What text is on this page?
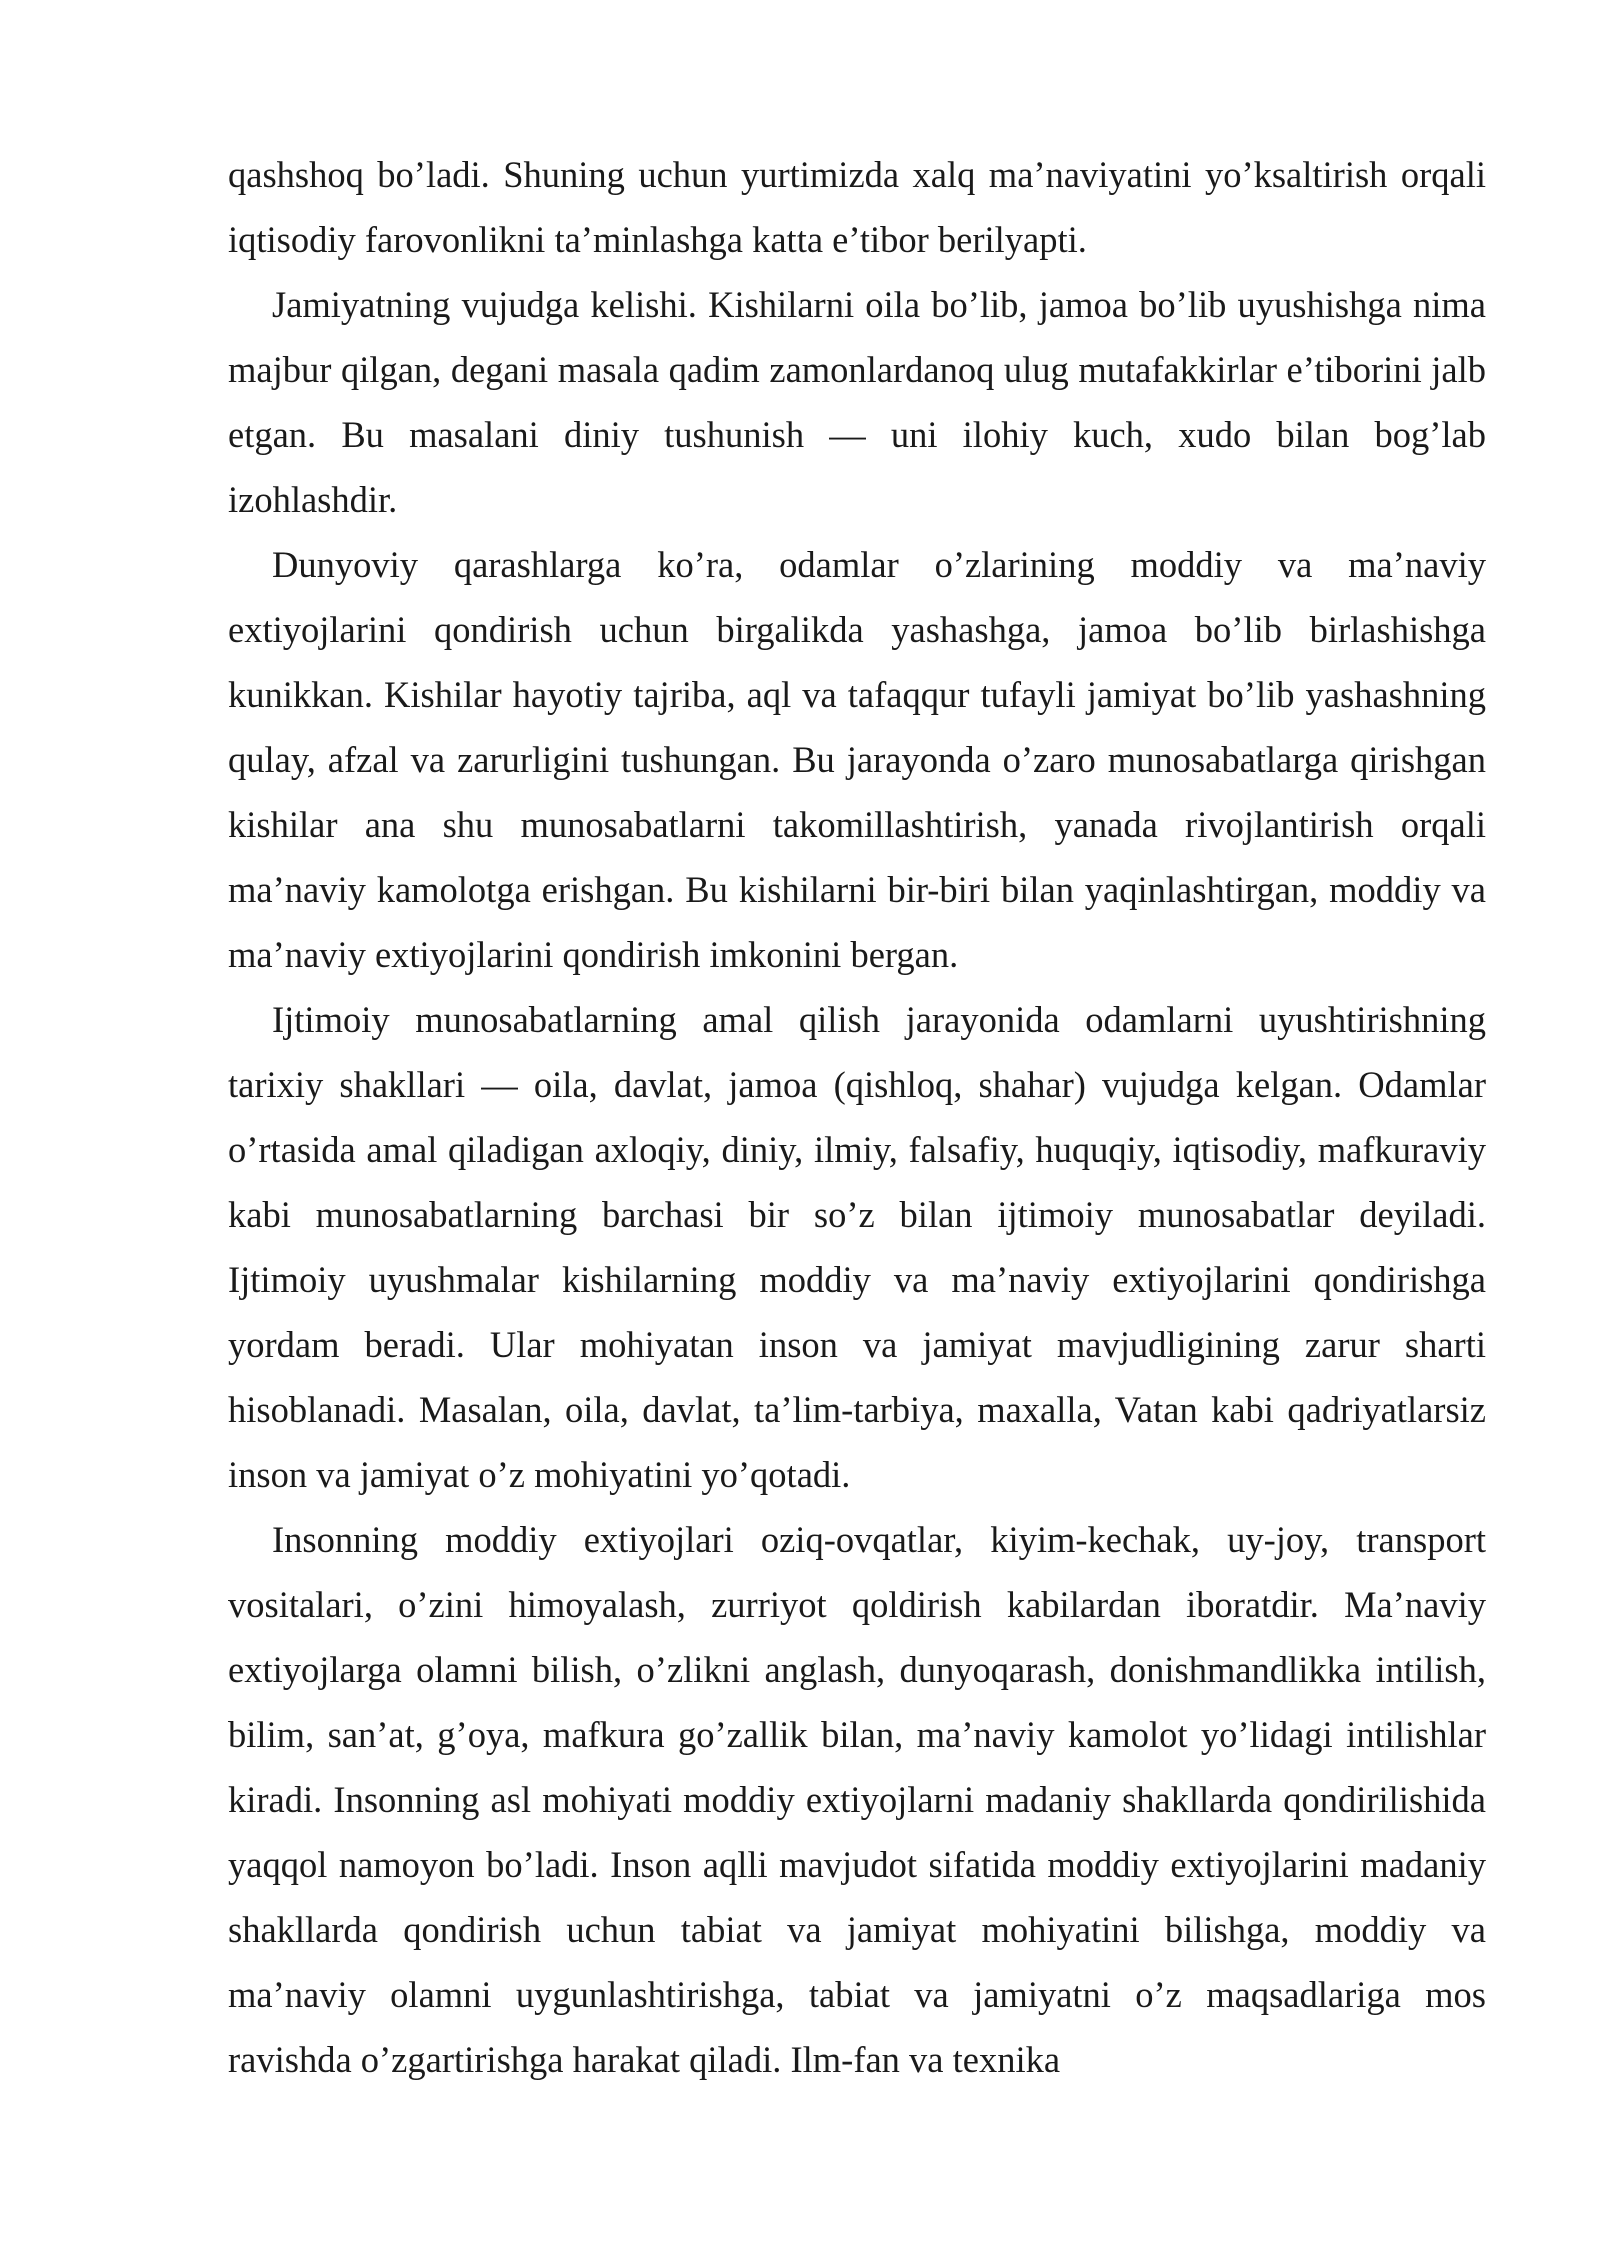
qashshoq bo’ladi. Shuning uchun yurtimizda xalq ma’naviyatini yo’ksaltirish orqali iqtisodiy farovonlikni ta’minlashga katta e’tibor berilyapti.

Jamiyatning vujudga kelishi. Kishilarni oila bo’lib, jamoa bo’lib uyushishga nima majbur qilgan, degani masala qadim zamonlardanoq ulug mutafakkirlar e’tiborini jalb etgan. Bu masalani diniy tushunish — uni ilohiy kuch, xudo bilan bog’lab izohlashdir.

Dunyoviy qarashlarga ko’ra, odamlar o’zlarining moddiy va ma’naviy extiyojlarini qondirish uchun birgalikda yashashga, jamoa bo’lib birlashishga kunikkan. Kishilar hayotiy tajriba, aql va tafaqqur tufayli jamiyat bo’lib yashashning qulay, afzal va zarurligini tushungan. Bu jarayonda o’zaro munosabatlarga qirishgan kishilar ana shu munosabatlarni takomillashtirish, yanada rivojlantirish orqali ma’naviy kamolotga erishgan. Bu kishilarni bir-biri bilan yaqinlashtirgan, moddiy va ma’naviy extiyojlarini qondirish imkonini bergan.

Ijtimoiy munosabatlarning amal qilish jarayonida odamlarni uyushtirishning tarixiy shakllari — oila, davlat, jamoa (qishloq, shahar) vujudga kelgan. Odamlar o’rtasida amal qiladigan axloqiy, diniy, ilmiy, falsafiy, huquqiy, iqtisodiy, mafkuraviy kabi munosabatlarning barchasi bir so’z bilan ijtimoiy munosabatlar deyiladi. Ijtimoiy uyushmalar kishilarning moddiy va ma’naviy extiyojlarini qondirishga yordam beradi. Ular mohiyatan inson va jamiyat mavjudligining zarur sharti hisoblanadi. Masalan, oila, davlat, ta’lim-tarbiya, maxalla, Vatan kabi qadriyatlarsiz inson va jamiyat o’z mohiyatini yo’qotadi.

Insonning moddiy extiyojlari oziq-ovqatlar, kiyim-kechak, uy-joy, transport vositalari, o’zini himoyalash, zurriyot qoldirish kabilardan iboratdir. Ma’naviy extiyojlarga olamni bilish, o’zlikni anglash, dunyoqarash, donishmandlikka intilish, bilim, san’at, g’oya, mafkura go’zallik bilan, ma’naviy kamolot yo’lidagi intilishlar kiradi. Insonning asl mohiyati moddiy extiyojlarni madaniy shakllarda qondirilishida yaqqol namoyon bo’ladi. Inson aqlli mavjudot sifatida moddiy extiyojlarini madaniy shakllarda qondirish uchun tabiat va jamiyat mohiyatini bilishga, moddiy va ma’naviy olamni uygunlashtirishga, tabiat va jamiyatni o’z maqsadlariga mos ravishda o’zgartirishga harakat qiladi. Ilm-fan va texnika
